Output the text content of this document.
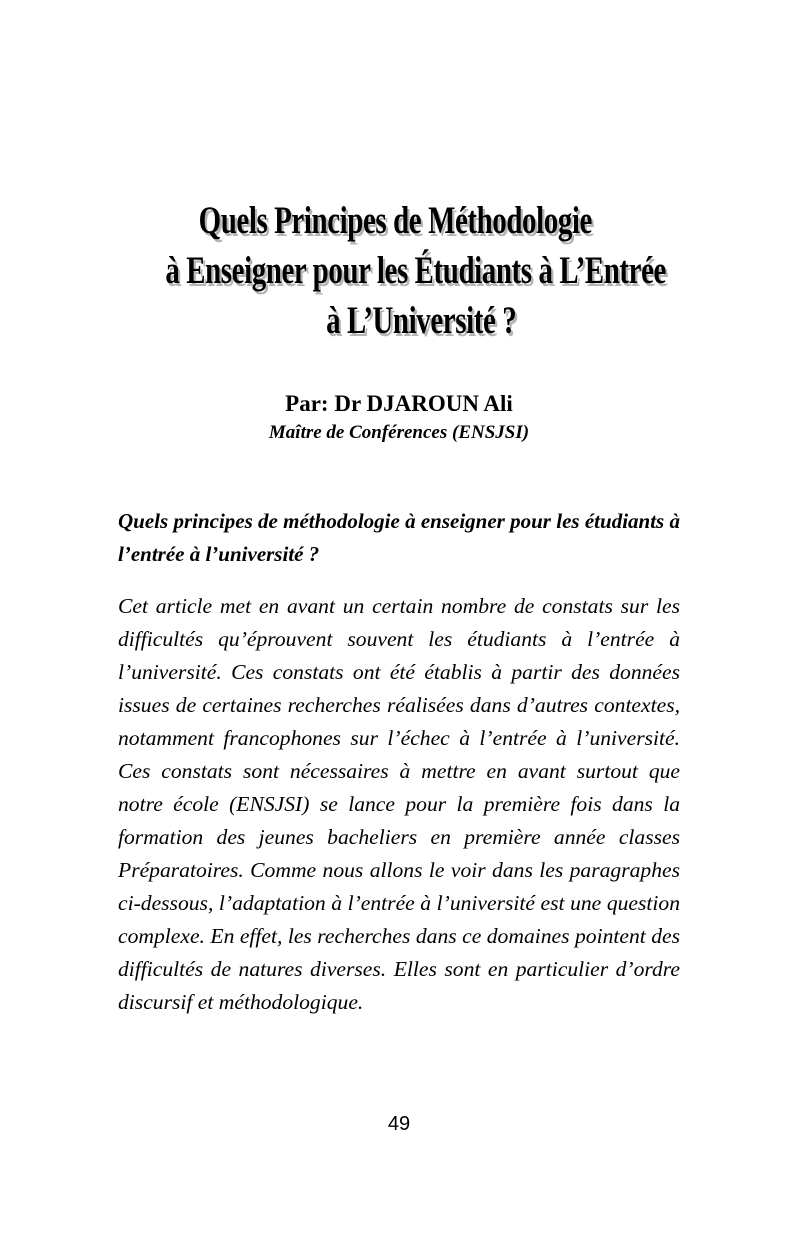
Quels Principes de Méthodologie
à Enseigner pour les Étudiants à L’Entrée
à L’Université ?
Par: Dr DJAROUN Ali
Maître de Conférences (ENSJSI)
Quels principes de méthodologie à enseigner pour les étudiants à l’entrée à l’université ?
Cet article met en avant un certain nombre de constats sur les difficultés qu’éprouvent souvent les étudiants à l’entrée à l’université. Ces constats ont été établis à partir des données issues de certaines recherches réalisées dans d’autres contextes, notamment francophones sur l’échec à l’entrée à l’université. Ces constats sont nécessaires à mettre en avant surtout que notre école (ENSJSI) se lance pour la première fois dans la formation des jeunes bacheliers en première année classes Préparatoires. Comme nous allons le voir dans les paragraphes ci-dessous, l’adaptation à l’entrée à l’université est une question complexe. En effet, les recherches dans ce domaines pointent des difficultés de natures diverses. Elles sont en particulier d’ordre discursif et méthodologique.
49
